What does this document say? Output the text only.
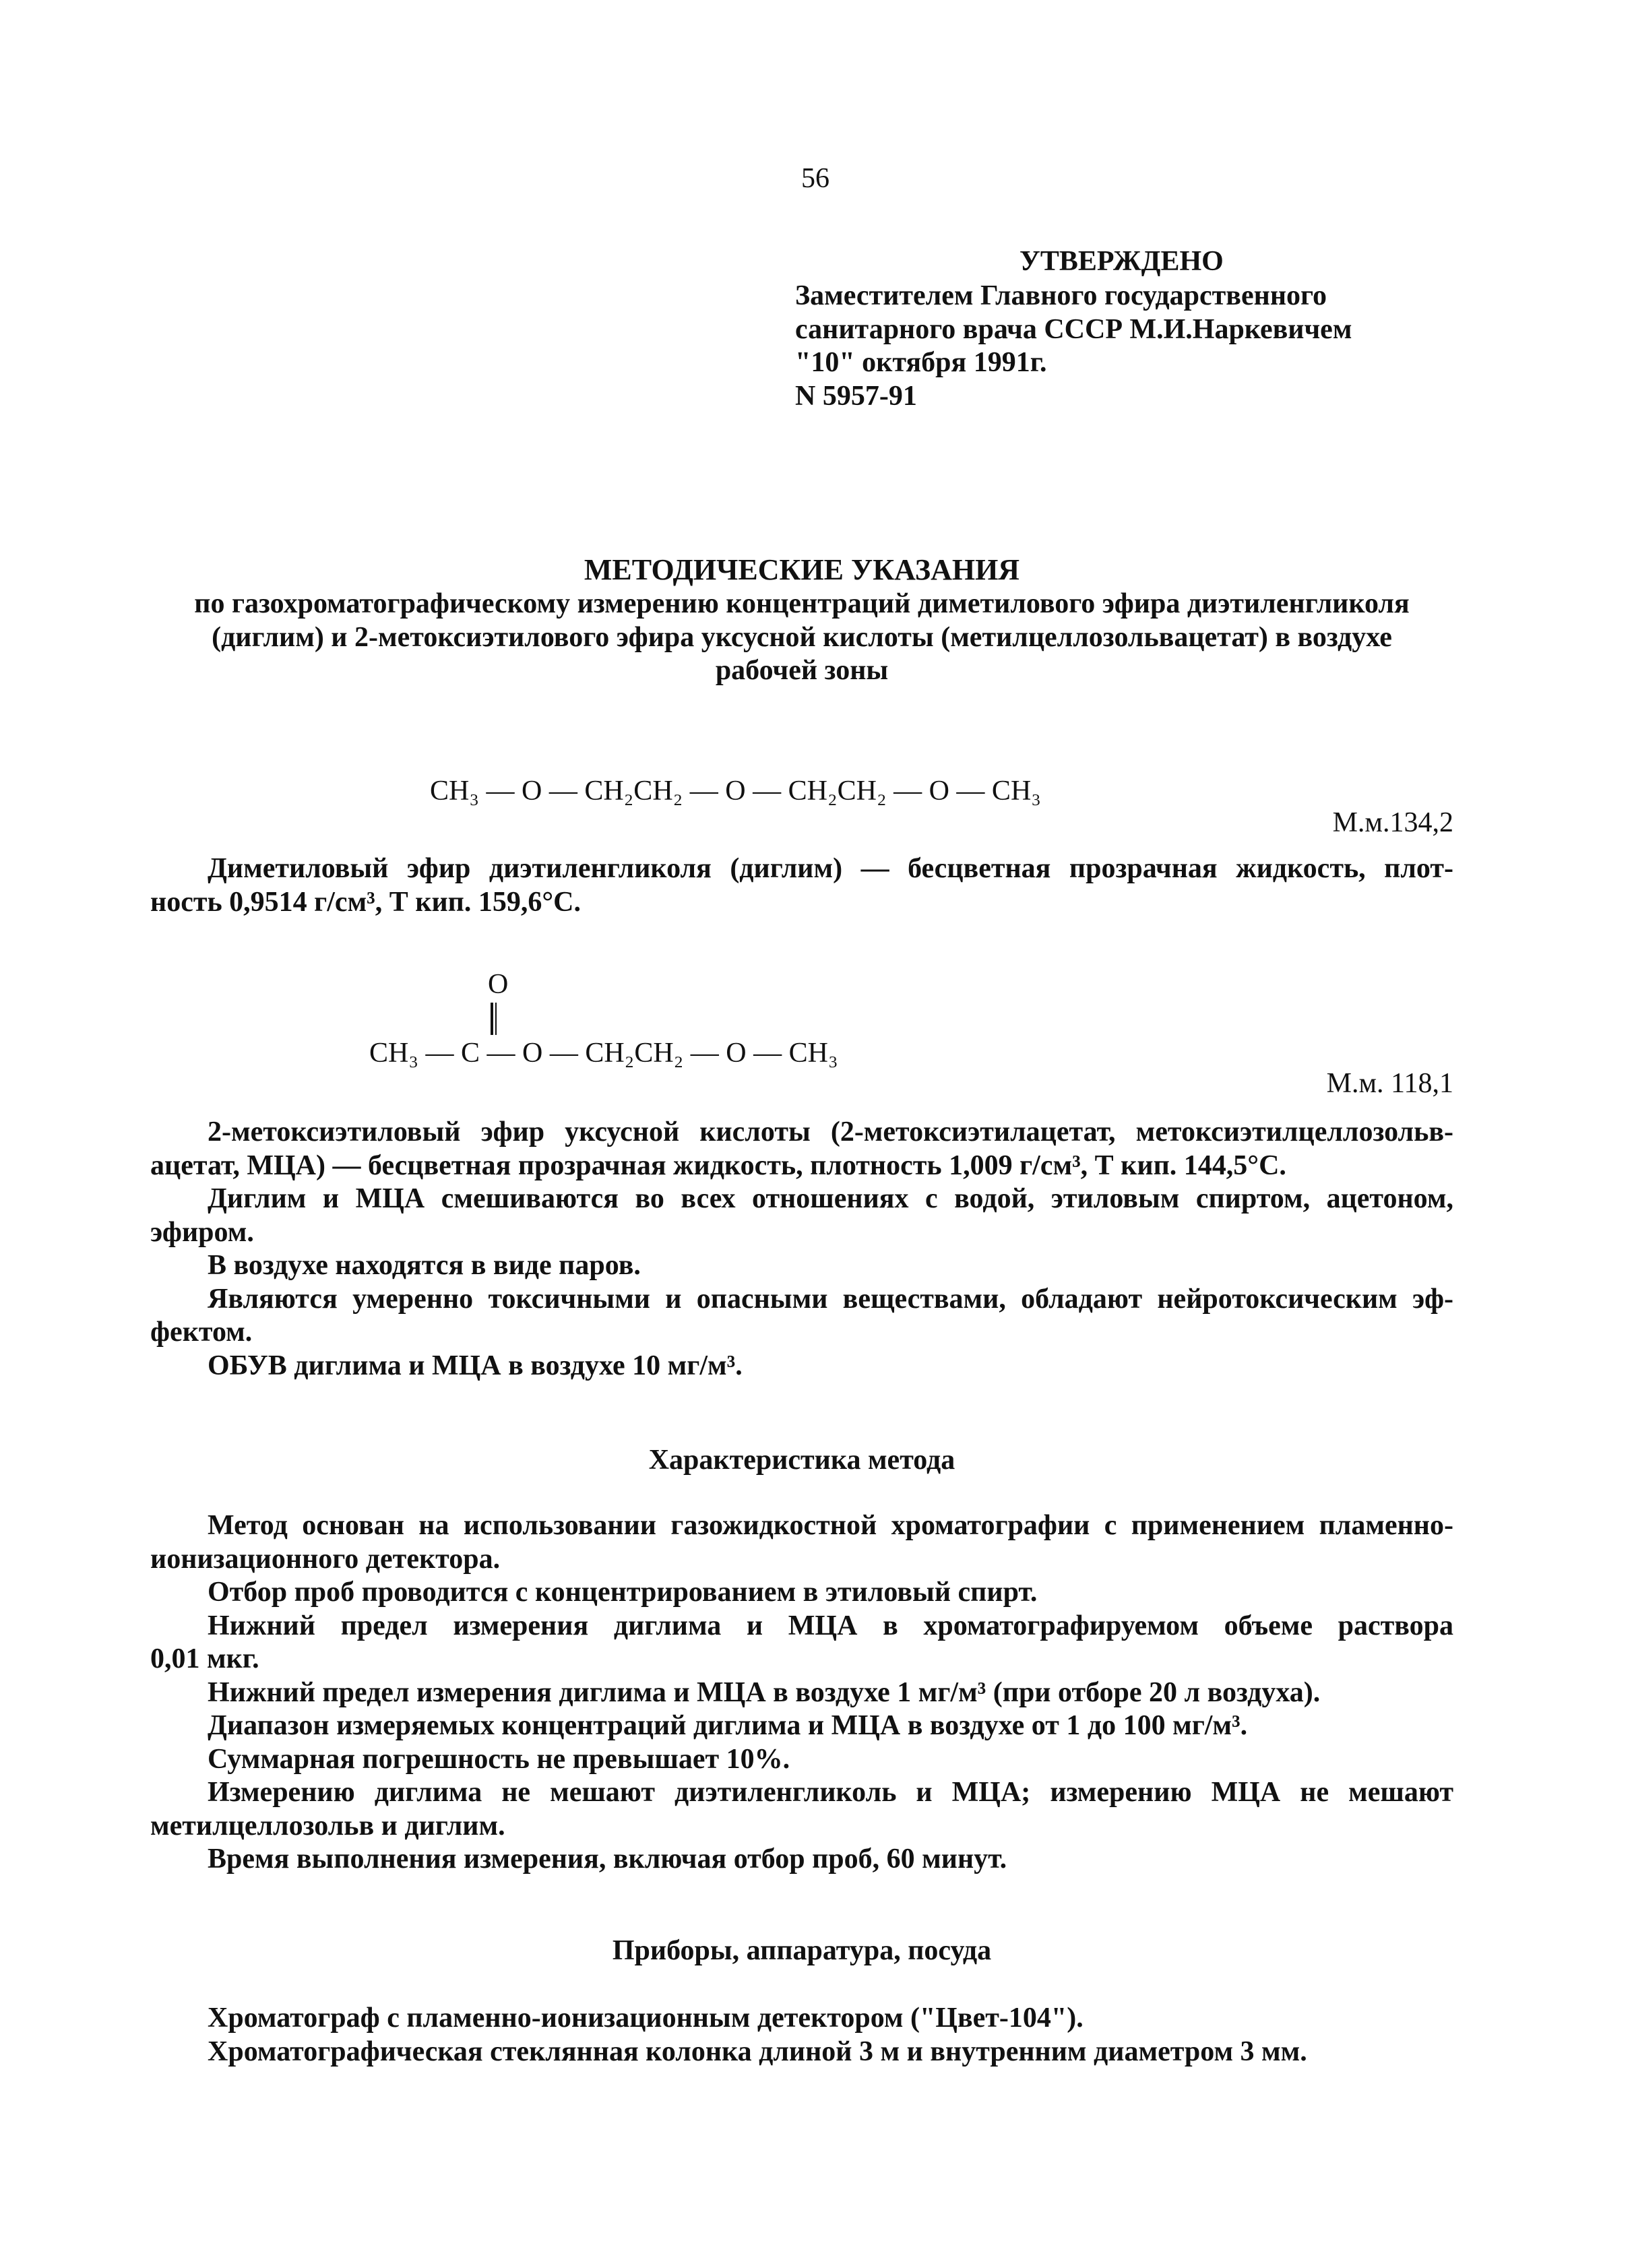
56
УТВЕРЖДЕНО
Заместителем Главного государственного
санитарного врача СССР М.И.Наркевичем
"10" октября 1991г.
N 5957-91
МЕТОДИЧЕСКИЕ УКАЗАНИЯ
по газохроматографическому измерению концентраций диметилового эфира диэтиленгликоля
(диглим) и 2-метоксиэтилового эфира уксусной кислоты (метилцеллозольвацетат) в воздухе
рабочей зоны
CH₃ — O — CH₂CH₂ — O — CH₂CH₂ — O — CH₃
М.м.134,2
Диметиловый эфир диэтиленгликоля (диглим) — бесцветная прозрачная жидкость, плот-
ность 0,9514 г/см³, Т кип. 159,6°С.
O
CH₃ — C — O — CH₂CH₂ — O — CH₃
М.м. 118,1
2-метоксиэтиловый эфир уксусной кислоты (2-метоксиэтилацетат, метоксиэтилцеллозольв-
ацетат, МЦА) — бесцветная прозрачная жидкость, плотность 1,009 г/см³, Т кип. 144,5°С.
Диглим и МЦА смешиваются во всех отношениях с водой, этиловым спиртом, ацетоном,
эфиром.
В воздухе находятся в виде паров.
Являются умеренно токсичными и опасными веществами, обладают нейротоксическим эф-
фектом.
ОБУВ диглима и МЦА в воздухе 10 мг/м³.
Характеристика метода
Метод основан на использовании газожидкостной хроматографии с применением пламенно-
ионизационного детектора.
Отбор проб проводится с концентрированием в этиловый спирт.
Нижний предел измерения диглима и МЦА в хроматографируемом объеме раствора
0,01 мкг.
Нижний предел измерения диглима и МЦА в воздухе 1 мг/м³ (при отборе 20 л воздуха).
Диапазон измеряемых концентраций диглима и МЦА в воздухе от 1 до 100 мг/м³.
Суммарная погрешность не превышает 10%.
Измерению диглима не мешают диэтиленгликоль и МЦА; измерению МЦА не мешают
метилцеллозольв и диглим.
Время выполнения измерения, включая отбор проб, 60 минут.
Приборы, аппаратура, посуда
Хроматограф с пламенно-ионизационным детектором ("Цвет-104").
Хроматографическая стеклянная колонка длиной 3 м и внутренним диаметром 3 мм.
